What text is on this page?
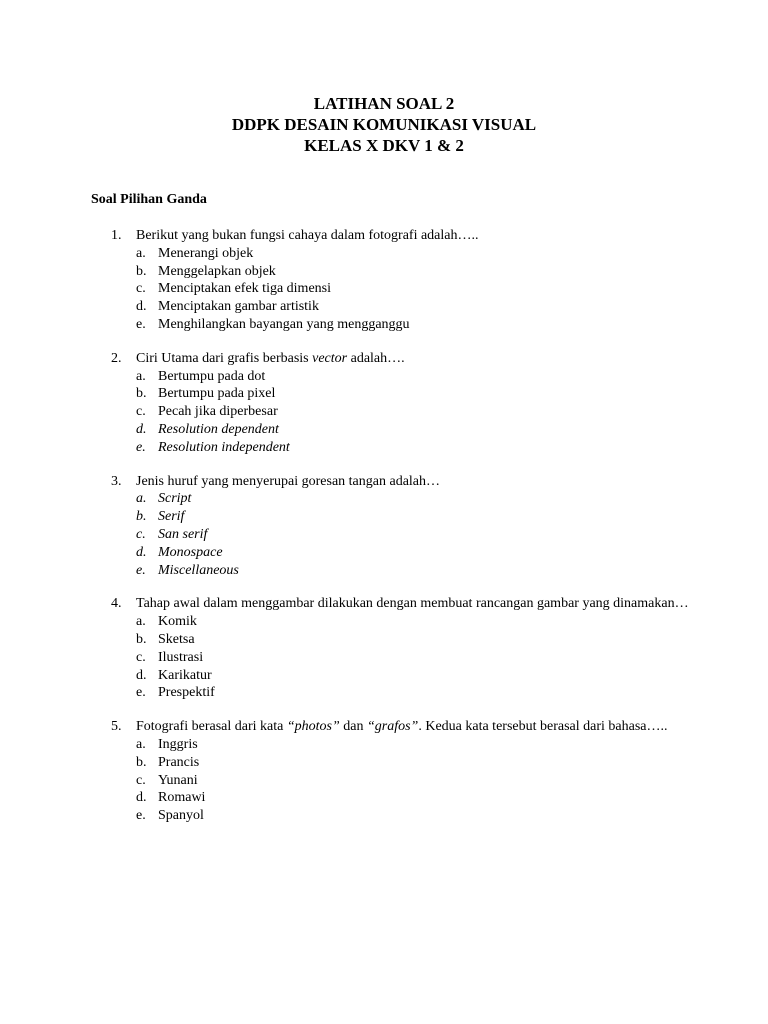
LATIHAN SOAL 2
DDPK DESAIN KOMUNIKASI VISUAL
KELAS X DKV 1 & 2
Soal Pilihan Ganda
1.	Berikut yang bukan fungsi cahaya dalam fotografi adalah…..
a. Menerangi objek
b. Menggelapkan objek
c. Menciptakan efek tiga dimensi
d. Menciptakan gambar artistik
e. Menghilangkan bayangan yang mengganggu
2.	Ciri Utama dari grafis berbasis vector adalah….
a. Bertumpu pada dot
b. Bertumpu pada pixel
c. Pecah jika diperbesar
d. Resolution dependent
e. Resolution independent
3.	Jenis huruf yang menyerupai goresan tangan adalah…
a. Script
b. Serif
c. San serif
d. Monospace
e. Miscellaneous
4.	Tahap awal dalam menggambar dilakukan dengan membuat rancangan gambar yang dinamakan…
a. Komik
b. Sketsa
c. Ilustrasi
d. Karikatur
e. Prespektif
5.	Fotografi berasal dari kata “photos” dan “grafos”. Kedua kata tersebut berasal dari bahasa…..
a. Inggris
b. Prancis
c. Yunani
d. Romawi
e. Spanyol
